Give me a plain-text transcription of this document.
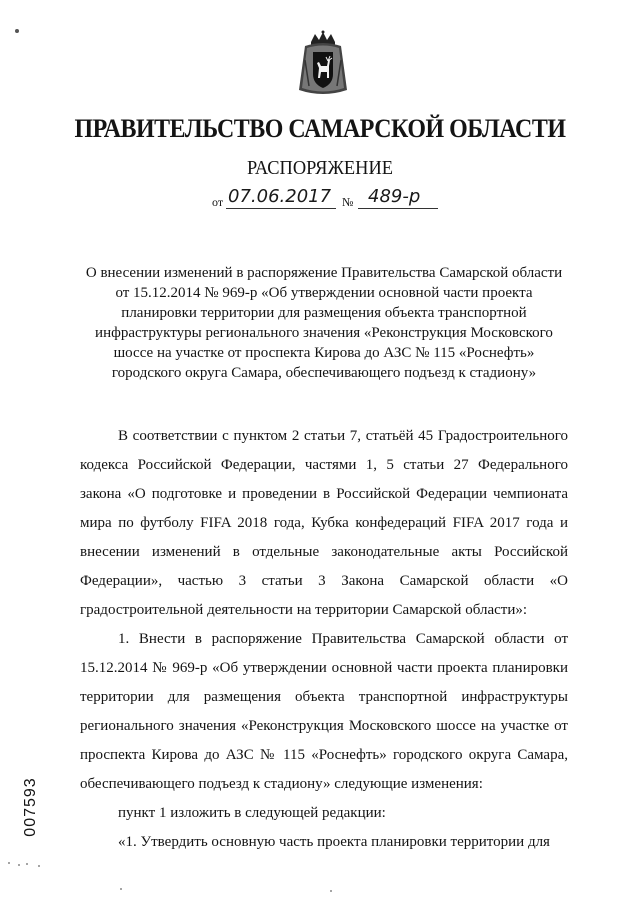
ПРАВИТЕЛЬСТВО САМАРСКОЙ ОБЛАСТИ
РАСПОРЯЖЕНИЕ
от 07.06.2017 № 489-р
О внесении изменений в распоряжение Правительства Самарской области
от 15.12.2014 № 969-р «Об утверждении основной части проекта
планировки территории для размещения объекта транспортной
инфраструктуры регионального значения «Реконструкция Московского
шоссе на участке от проспекта Кирова до АЗС № 115 «Роснефть»
городского округа Самара, обеспечивающего подъезд к стадиону»

В соответствии с пунктом 2 статьи 7, статьёй 45 Градостроительного кодекса Российской Федерации, частями 1, 5 статьи 27 Федерального закона «О подготовке и проведении в Российской Федерации чемпионата мира по футболу FIFA 2018 года, Кубка конфедераций FIFA 2017 года и внесении изменений в отдельные законодательные акты Российской Федерации», частью 3 статьи 3 Закона Самарской области «О градостроительной деятельности на территории Самарской области»:

1. Внести в распоряжение Правительства Самарской области от 15.12.2014 № 969-р «Об утверждении основной части проекта планировки территории для размещения объекта транспортной инфраструктуры регионального значения «Реконструкция Московского шоссе на участке от проспекта Кирова до АЗС № 115 «Роснефть» городского округа Самара, обеспечивающего подъезд к стадиону» следующие изменения:

пункт 1 изложить в следующей редакции:

«1. Утвердить основную часть проекта планировки территории для

007593
